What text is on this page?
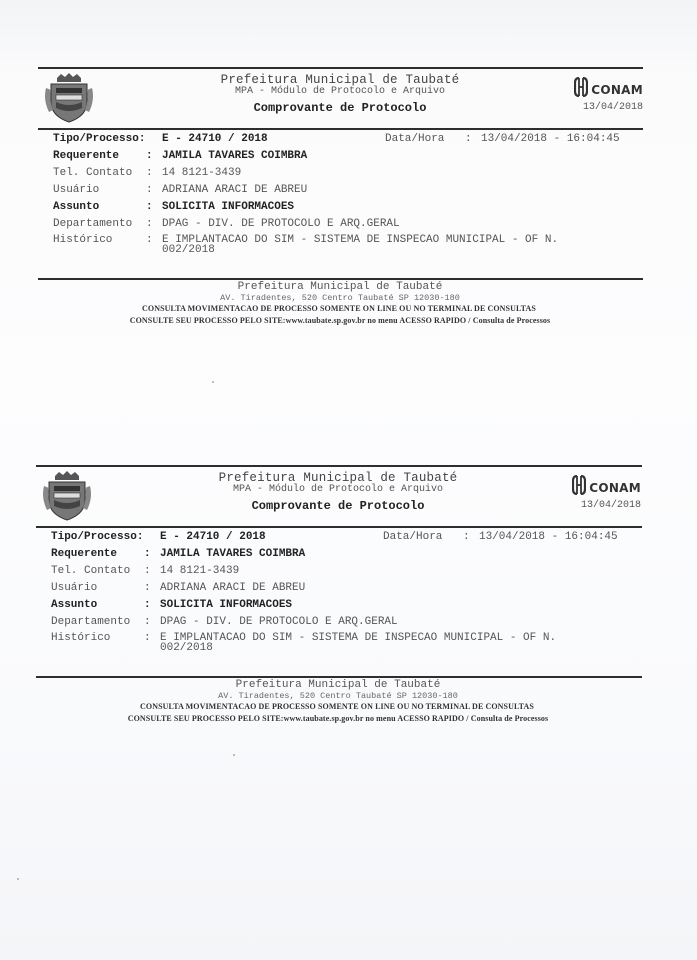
Prefeitura Municipal de Taubaté
MPA - Módulo de Protocolo e Arquivo
Comprovante de Protocolo
CONAM
13/04/2018
Tipo/Processo: E - 24710 / 2018	Data/Hora : 13/04/2018 - 16:04:45
Requerente : JAMILA TAVARES COIMBRA
Tel. Contato : 14 8121-3439
Usuário	: ADRIANA ARACI DE ABREU
Assunto	: SOLICITA INFORMACOES
Departamento : DPAG - DIV. DE PROTOCOLO E ARQ.GERAL
Histórico	: E IMPLANTACAO DO SIM - SISTEMA DE INSPECAO MUNICIPAL - OF N.
002/2018
Prefeitura Municipal de Taubaté
AV. Tiradentes, 520 Centro Taubaté SP 12030-180
CONSULTA MOVIMENTACAO DE PROCESSO SOMENTE ON LINE OU NO TERMINAL DE CONSULTAS
CONSULTE SEU PROCESSO PELO SITE:www.taubate.sp.gov.br no menu ACESSO RAPIDO / Consulta de Processos
Prefeitura Municipal de Taubaté
MPA - Módulo de Protocolo e Arquivo
Comprovante de Protocolo
CONAM
13/04/2018
Tipo/Processo: E - 24710 / 2018	Data/Hora : 13/04/2018 - 16:04:45
Requerente : JAMILA TAVARES COIMBRA
Tel. Contato : 14 8121-3439
Usuário	: ADRIANA ARACI DE ABREU
Assunto	: SOLICITA INFORMACOES
Departamento : DPAG - DIV. DE PROTOCOLO E ARQ.GERAL
Histórico	: E IMPLANTACAO DO SIM - SISTEMA DE INSPECAO MUNICIPAL - OF N.
002/2018
Prefeitura Municipal de Taubaté
AV. Tiradentes, 520 Centro Taubaté SP 12030-180
CONSULTA MOVIMENTACAO DE PROCESSO SOMENTE ON LINE OU NO TERMINAL DE CONSULTAS
CONSULTE SEU PROCESSO PELO SITE:www.taubate.sp.gov.br no menu ACESSO RAPIDO / Consulta de Processos
